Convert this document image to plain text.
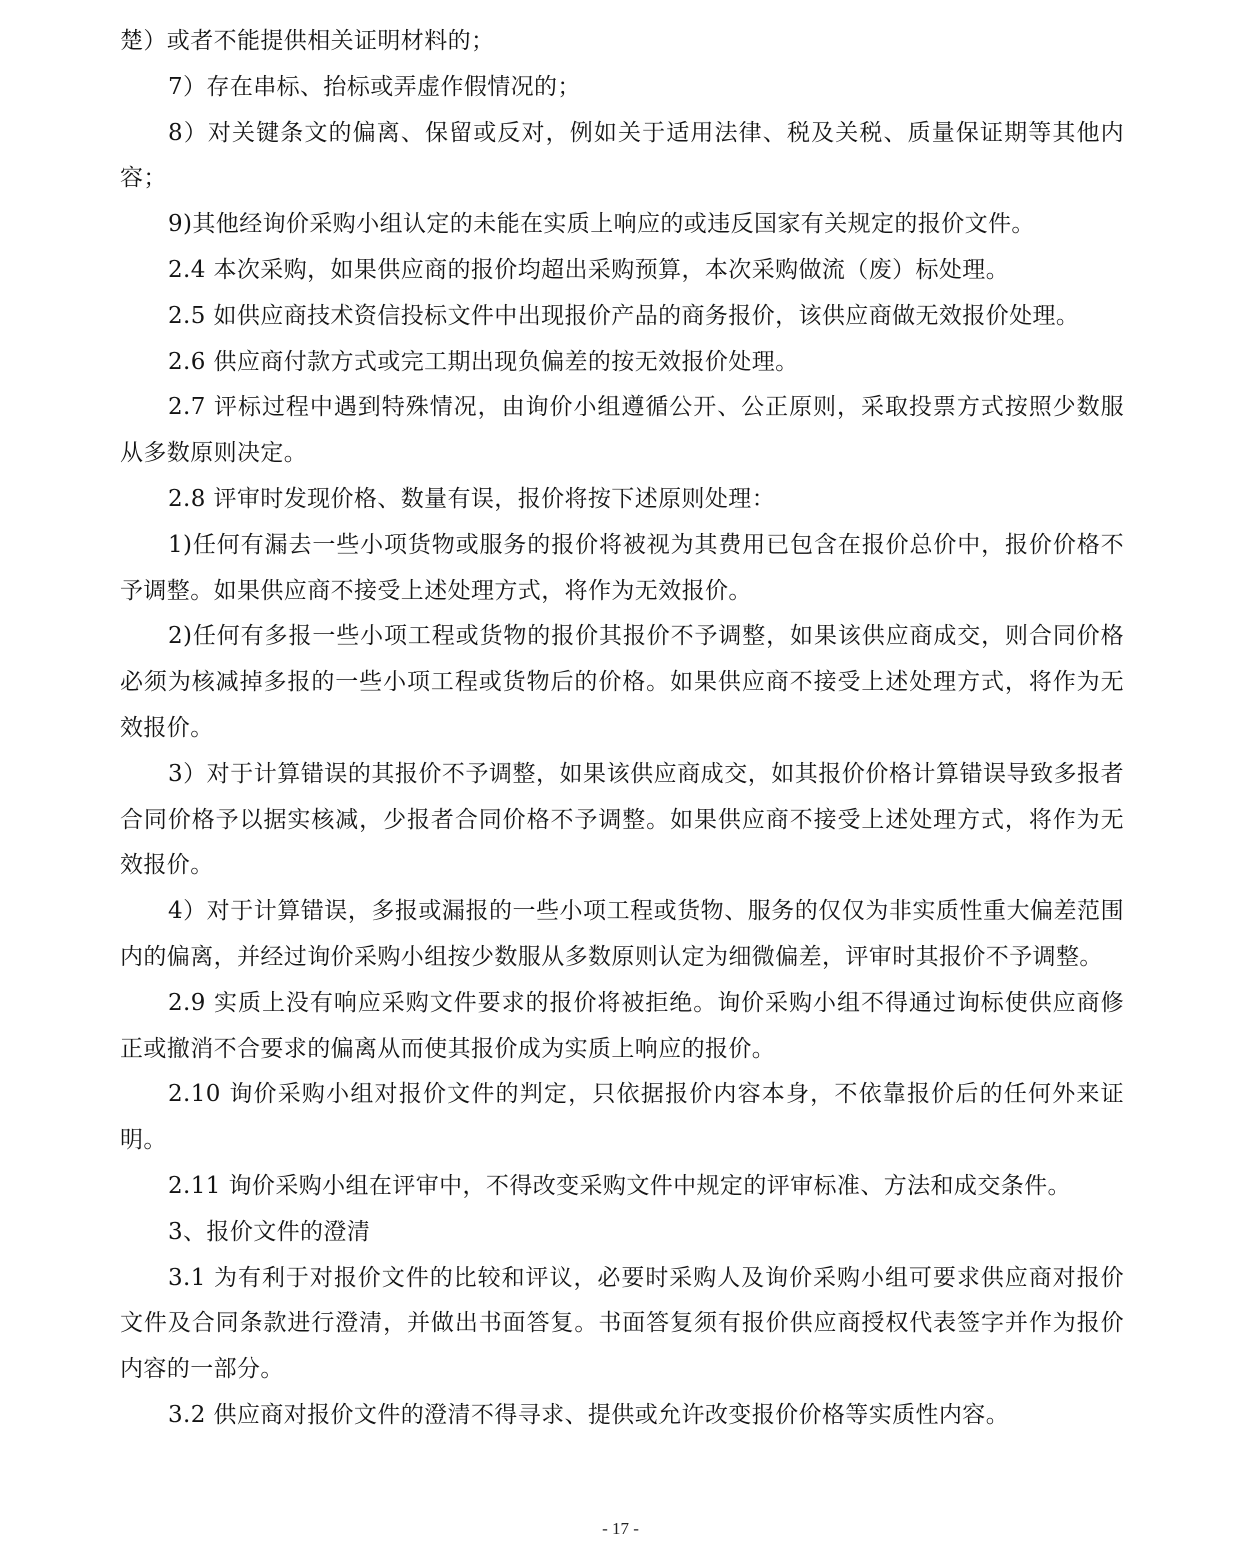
楚）或者不能提供相关证明材料的；

7）存在串标、抬标或弄虚作假情况的；

8）对关键条文的偏离、保留或反对，例如关于适用法律、税及关税、质量保证期等其他内容；

9)其他经询价采购小组认定的未能在实质上响应的或违反国家有关规定的报价文件。

2.4 本次采购，如果供应商的报价均超出采购预算，本次采购做流（废）标处理。

2.5 如供应商技术资信投标文件中出现报价产品的商务报价，该供应商做无效报价处理。

2.6 供应商付款方式或完工期出现负偏差的按无效报价处理。

2.7 评标过程中遇到特殊情况，由询价小组遵循公开、公正原则，采取投票方式按照少数服从多数原则决定。

2.8 评审时发现价格、数量有误，报价将按下述原则处理：

1)任何有漏去一些小项货物或服务的报价将被视为其费用已包含在报价总价中，报价价格不予调整。如果供应商不接受上述处理方式，将作为无效报价。

2)任何有多报一些小项工程或货物的报价其报价不予调整，如果该供应商成交，则合同价格必须为核减掉多报的一些小项工程或货物后的价格。如果供应商不接受上述处理方式，将作为无效报价。

3）对于计算错误的其报价不予调整，如果该供应商成交，如其报价价格计算错误导致多报者合同价格予以据实核减，少报者合同价格不予调整。如果供应商不接受上述处理方式，将作为无效报价。

4）对于计算错误，多报或漏报的一些小项工程或货物、服务的仅仅为非实质性重大偏差范围内的偏离，并经过询价采购小组按少数服从多数原则认定为细微偏差，评审时其报价不予调整。

2.9 实质上没有响应采购文件要求的报价将被拒绝。询价采购小组不得通过询标使供应商修正或撤消不合要求的偏离从而使其报价成为实质上响应的报价。

2.10 询价采购小组对报价文件的判定，只依据报价内容本身，不依靠报价后的任何外来证明。

2.11 询价采购小组在评审中，不得改变采购文件中规定的评审标准、方法和成交条件。

3、报价文件的澄清

3.1 为有利于对报价文件的比较和评议，必要时采购人及询价采购小组可要求供应商对报价文件及合同条款进行澄清，并做出书面答复。书面答复须有报价供应商授权代表签字并作为报价内容的一部分。

3.2 供应商对报价文件的澄清不得寻求、提供或允许改变报价价格等实质性内容。

- 17 -
